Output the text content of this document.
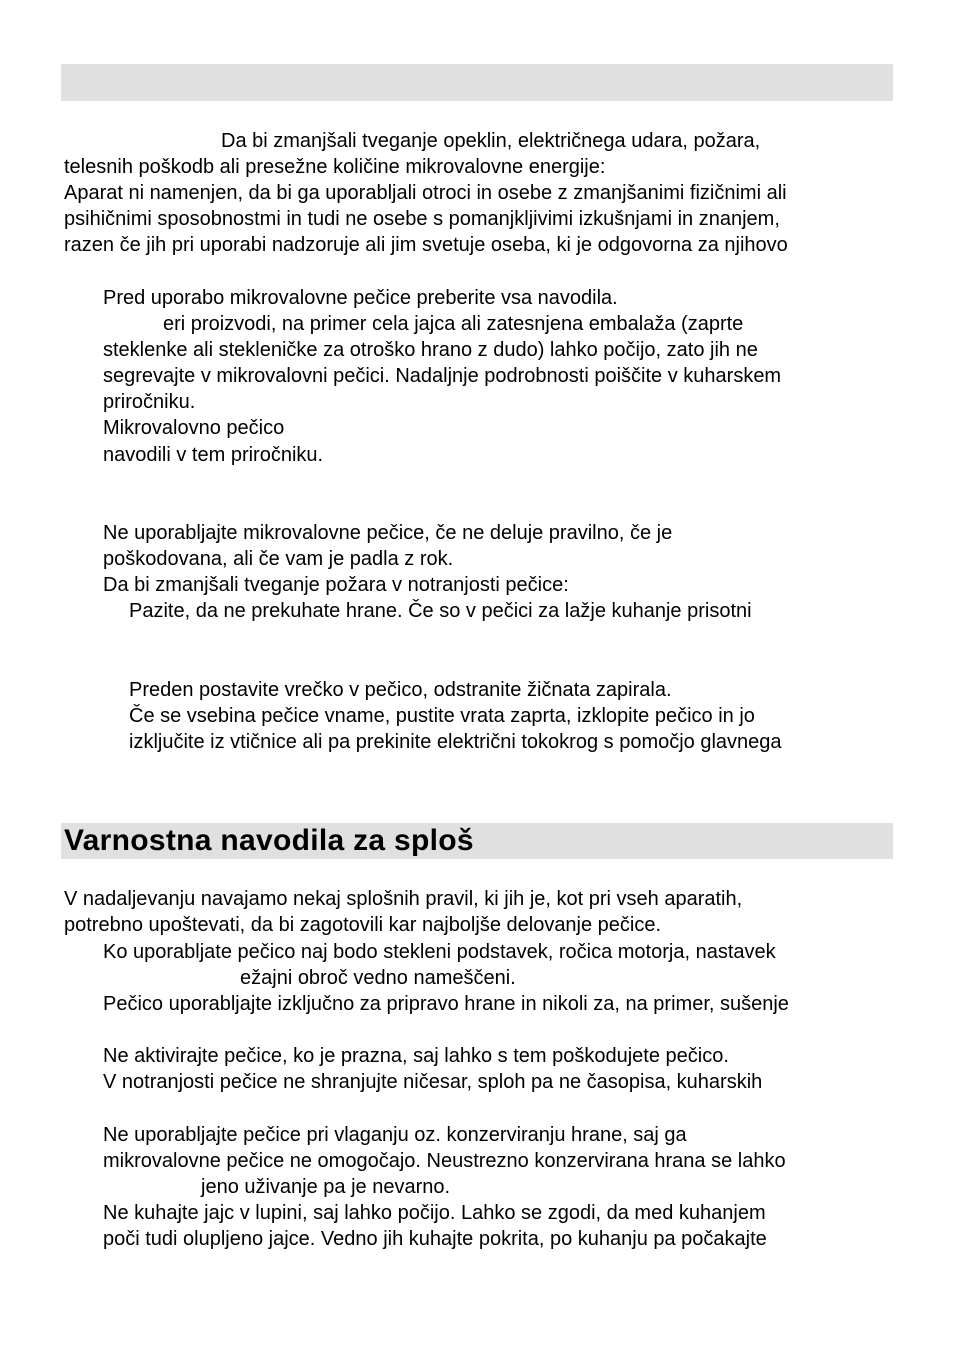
Da bi zmanjšali tveganje opeklin, električnega udara, požara,

telesnih poškodb ali presežne količine mikrovalovne energije:

Aparat ni namenjen, da bi ga uporabljali otroci in osebe z zmanjšanimi fizičnimi ali

psihičnimi sposobnostmi in tudi ne osebe s pomanjkljivimi izkušnjami in znanjem,

razen če jih pri uporabi nadzoruje ali jim svetuje oseba, ki je odgovorna za njihovo

Pred uporabo mikrovalovne pečice preberite vsa navodila.

eri proizvodi, na primer cela jajca ali zatesnjena embalaža (zaprte

steklenke ali stekleničke za otroško hrano z dudo) lahko počijo, zato jih ne

segrevajte v mikrovalovni pečici. Nadaljnje podrobnosti poiščite v kuharskem

priročniku.

Mikrovalovno pečico

navodili v tem priročniku.

Ne uporabljajte mikrovalovne pečice, če ne deluje pravilno, če je

poškodovana, ali če vam je padla z rok.

Da bi zmanjšali tveganje požara v notranjosti pečice:

Pazite, da ne prekuhate hrane. Če so v pečici za lažje kuhanje prisotni

Preden postavite vrečko v pečico, odstranite žičnata zapirala.

Če se vsebina pečice vname, pustite vrata zaprta, izklopite pečico in jo

izključite iz vtičnice ali pa prekinite električni tokokrog s pomočjo glavnega

Varnostna navodila za sploš

V nadaljevanju navajamo nekaj splošnih pravil, ki jih je, kot pri vseh aparatih,

potrebno upoštevati, da bi zagotovili kar najboljše delovanje pečice.

Ko uporabljate pečico naj bodo stekleni podstavek, ročica motorja, nastavek

ežajni obroč vedno nameščeni.

Pečico uporabljajte izključno za pripravo hrane in nikoli za, na primer, sušenje

Ne aktivirajte pečice, ko je prazna, saj lahko s tem poškodujete pečico.

V notranjosti pečice ne shranjujte ničesar, sploh pa ne časopisa, kuharskih

Ne uporabljajte pečice pri vlaganju oz. konzerviranju hrane, saj ga

mikrovalovne pečice ne omogočajo. Neustrezno konzervirana hrana se lahko

jeno uživanje pa je nevarno.

Ne kuhajte jajc v lupini, saj lahko počijo. Lahko se zgodi, da med kuhanjem

poči tudi olupljeno jajce. Vedno jih kuhajte pokrita, po kuhanju pa počakajte
